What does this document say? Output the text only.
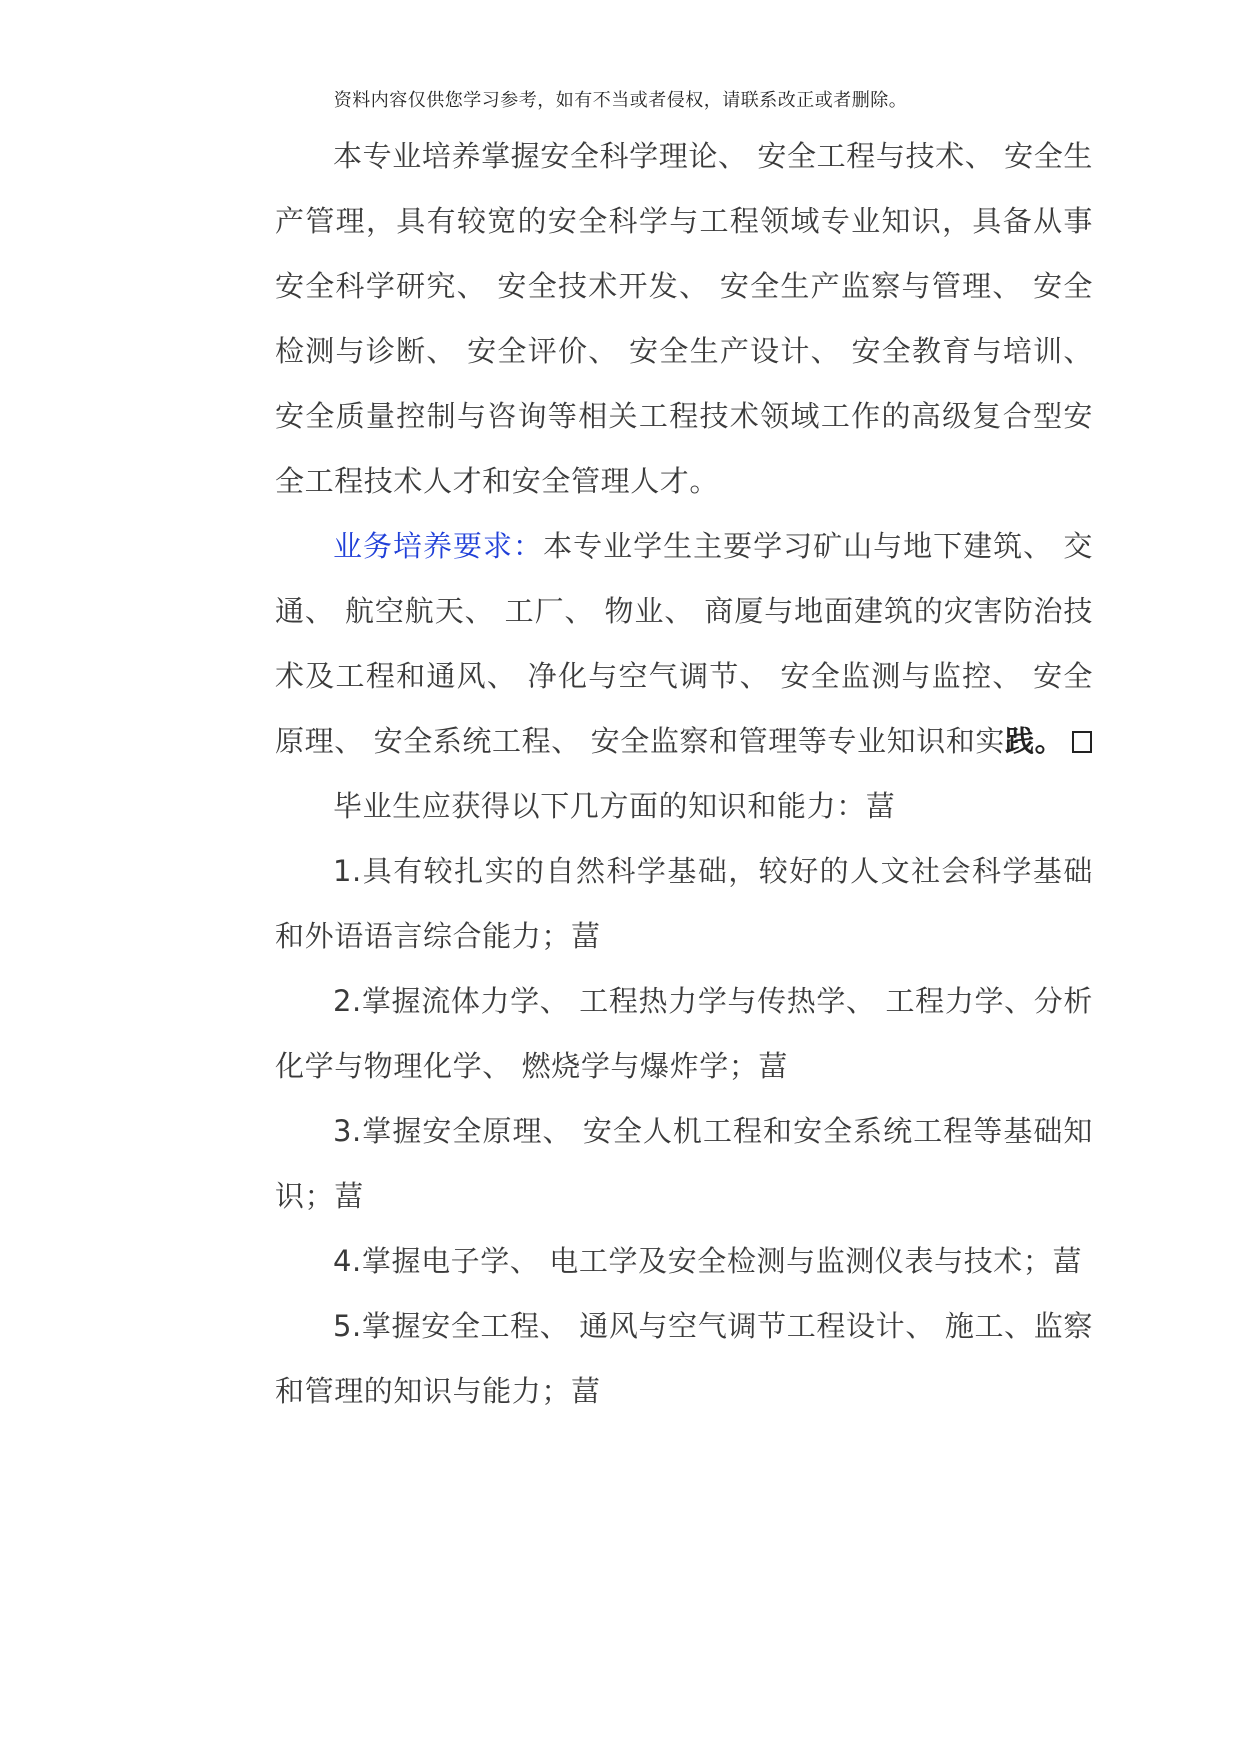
资料内容仅供您学习参考，如有不当或者侵权，请联系改正或者删除。

本专业培养掌握安全科学理论、 安全工程与技术、 安全生产管理，具有较宽的安全科学与工程领域专业知识，具备从事安全科学研究、 安全技术开发、 安全生产监察与管理、 安全检测与诊断、 安全评价、 安全生产设计、 安全教育与培训、 安全质量控制与咨询等相关工程技术领域工作的高级复合型安全工程技术人才和安全管理人才。

业务培养要求：本专业学生主要学习矿山与地下建筑、 交通、 航空航天、 工厂、 物业、 商厦与地面建筑的灾害防治技术及工程和通风、 净化与空气调节、 安全监测与监控、 安全原理、 安全系统工程、 安全监察和管理等专业知识和实践。

毕业生应获得以下几方面的知识和能力：葍

1.具有较扎实的自然科学基础，较好的人文社会科学基础和外语语言综合能力；葍

2.掌握流体力学、 工程热力学与传热学、 工程力学、分析化学与物理化学、 燃烧学与爆炸学；葍

3.掌握安全原理、 安全人机工程和安全系统工程等基础知识；葍

4.掌握电子学、 电工学及安全检测与监测仪表与技术；葍

5.掌握安全工程、 通风与空气调节工程设计、 施工、监察和管理的知识与能力；葍
